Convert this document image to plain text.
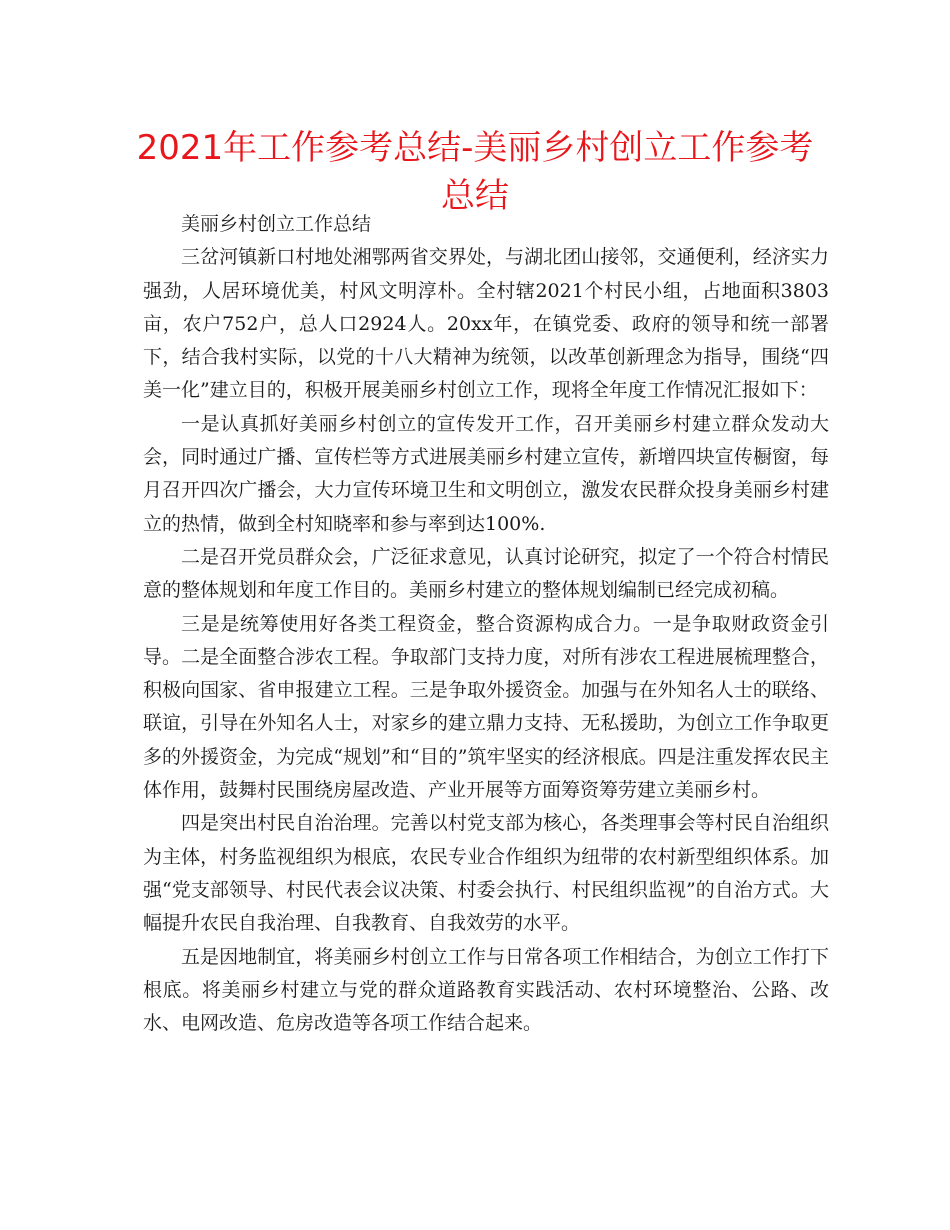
2021年工作参考总结-美丽乡村创立工作参考总结

美丽乡村创立工作总结

三岔河镇新口村地处湘鄂两省交界处，与湖北团山接邻，交通便利，经济实力强劲，人居环境优美，村风文明淳朴。全村辖2021个村民小组，占地面积3803亩，农户752户，总人口2924人。20xx年，在镇党委、政府的领导和统一部署下，结合我村实际，以党的十八大精神为统领，以改革创新理念为指导，围绕“四美一化”建立目的，积极开展美丽乡村创立工作，现将全年度工作情况汇报如下：

一是认真抓好美丽乡村创立的宣传发开工作，召开美丽乡村建立群众发动大会，同时通过广播、宣传栏等方式进展美丽乡村建立宣传，新增四块宣传橱窗，每月召开四次广播会，大力宣传环境卫生和文明创立，激发农民群众投身美丽乡村建立的热情，做到全村知晓率和参与率到达100%.

二是召开党员群众会，广泛征求意见，认真讨论研究，拟定了一个符合村情民意的整体规划和年度工作目的。美丽乡村建立的整体规划编制已经完成初稿。

三是是统筹使用好各类工程资金，整合资源构成合力。一是争取财政资金引导。二是全面整合涉农工程。争取部门支持力度，对所有涉农工程进展梳理整合，积极向国家、省申报建立工程。三是争取外援资金。加强与在外知名人士的联络、联谊，引导在外知名人士，对家乡的建立鼎力支持、无私援助，为创立工作争取更多的外援资金，为完成“规划”和“目的”筑牢坚实的经济根底。四是注重发挥农民主体作用，鼓舞村民围绕房屋改造、产业开展等方面筹资筹劳建立美丽乡村。

四是突出村民自治治理。完善以村党支部为核心，各类理事会等村民自治组织为主体，村务监视组织为根底，农民专业合作组织为纽带的农村新型组织体系。加强“党支部领导、村民代表会议决策、村委会执行、村民组织监视”的自治方式。大幅提升农民自我治理、自我教育、自我效劳的水平。

五是因地制宜，将美丽乡村创立工作与日常各项工作相结合，为创立工作打下根底。将美丽乡村建立与党的群众道路教育实践活动、农村环境整治、公路、改水、电网改造、危房改造等各项工作结合起来。
